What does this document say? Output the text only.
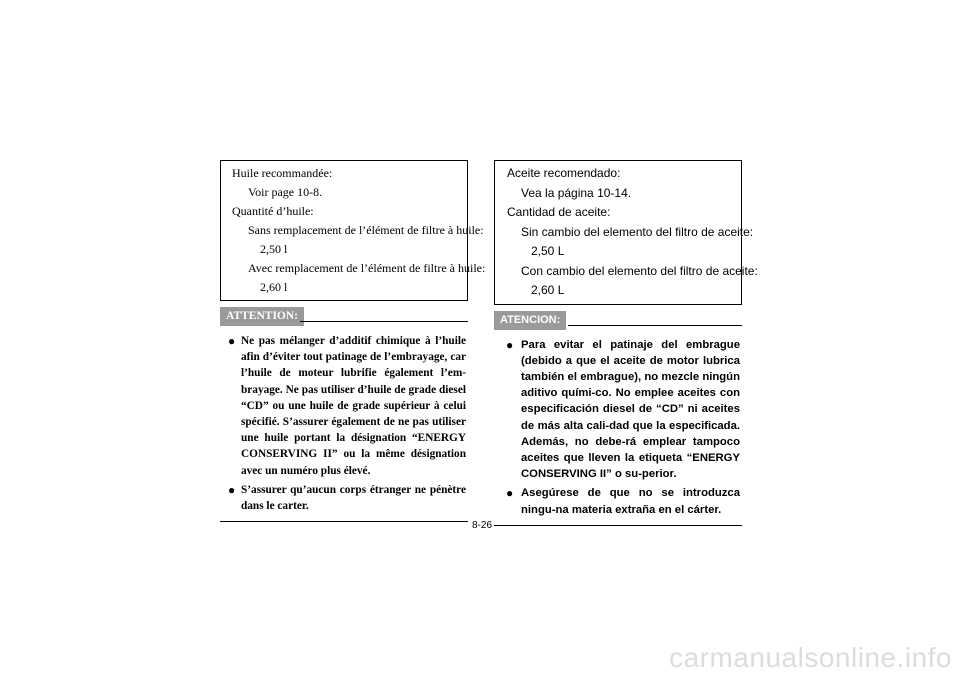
Huile recommandée:
Voir page 10-8.
Quantité d’huile:
Sans remplacement de l’élément de filtre à huile:
2,50 l
Avec remplacement de l’élément de filtre à huile:
2,60 l
ATTENTION:
● Ne pas mélanger d’additif chimique à l’huile afin d’éviter tout patinage de l’embrayage, car l’huile de moteur lubrifie également l’em-brayage. Ne pas utiliser d’huile de grade diesel “CD” ou une huile de grade supérieur à celui spécifié. S’assurer également de ne pas utiliser une huile portant la désignation “ENERGY CONSERVING II” ou la même désignation avec un numéro plus élevé.
● S’assurer qu’aucun corps étranger ne pénètre dans le carter.
Aceite recomendado:
Vea la página 10-14.
Cantidad de aceite:
Sin cambio del elemento del filtro de aceite:
2,50 L
Con cambio del elemento del filtro de aceite:
2,60 L
ATENCION:
● Para evitar el patinaje del embrague (debido a que el aceite de motor lubrica también el embrague), no mezcle ningún aditivo quími-co. No emplee aceites con especificación diesel de “CD” ni aceites de más alta cali-dad que la especificada. Además, no debe-rá emplear tampoco aceites que lleven la etiqueta “ENERGY CONSERVING II” o su-perior.
● Asegúrese de que no se introduzca ningu-na materia extraña en el cárter.
8-26
carmanualsonline.info
